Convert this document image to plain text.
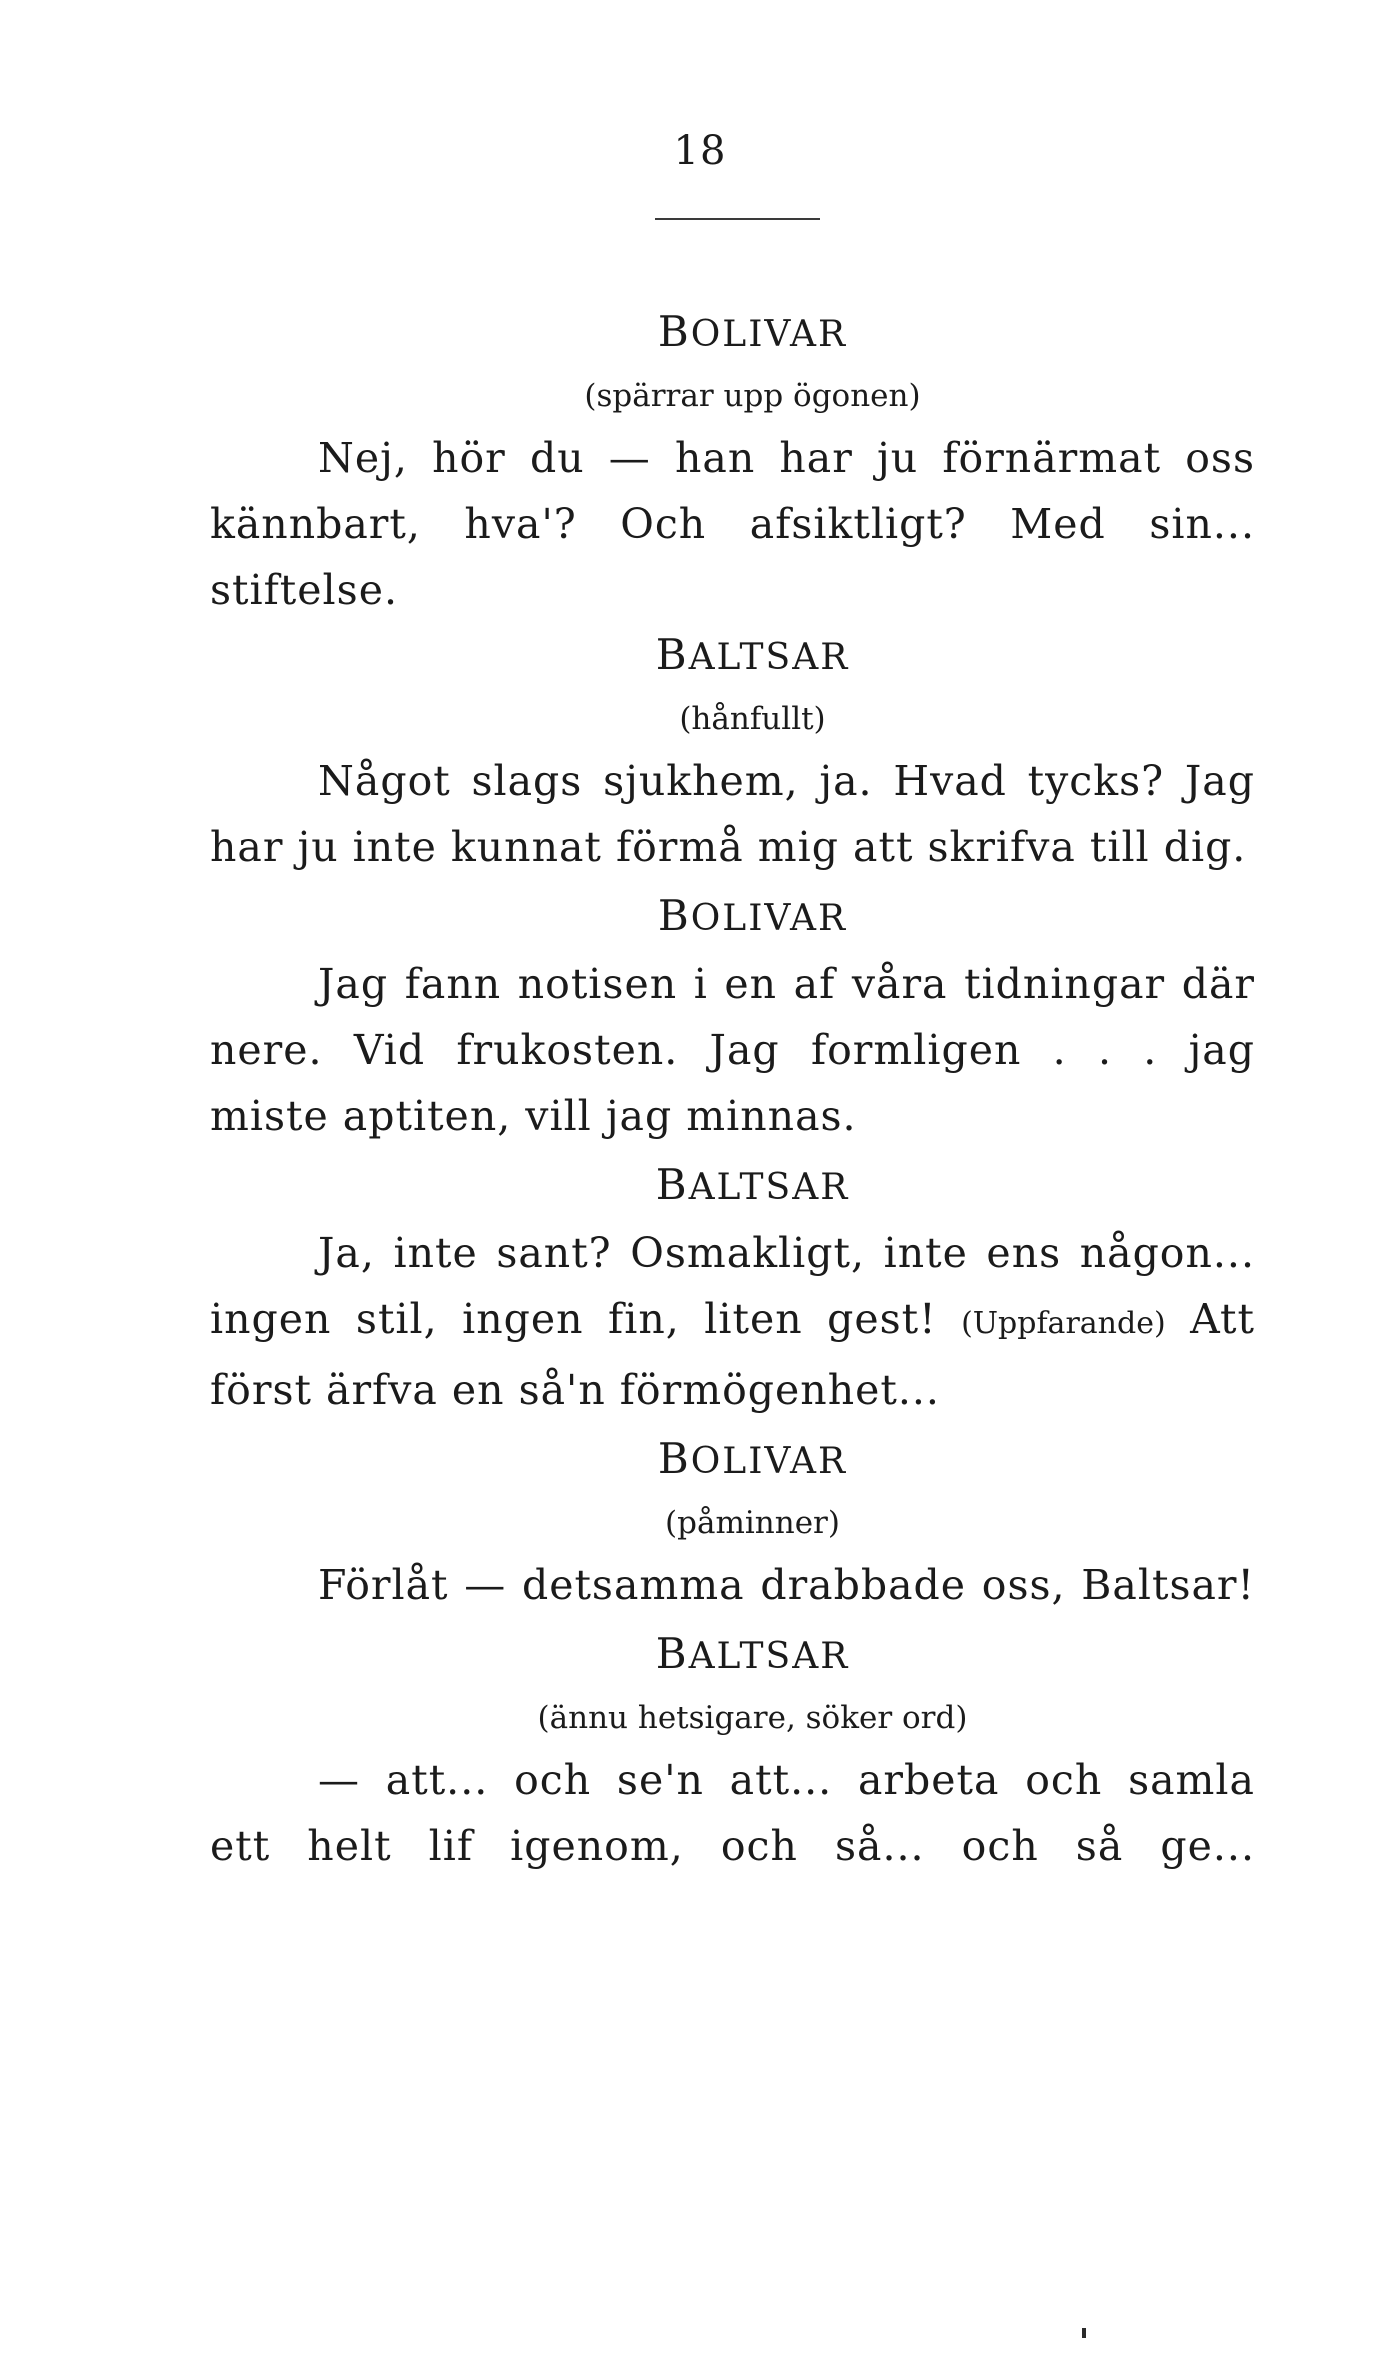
18
BOLIVAR
(spärrar upp ögonen)
Nej, hör du — han har ju förnärmat oss
kännbart, hva'? Och afsiktligt? Med sin...
stiftelse.
BALTSAR
(hånfullt)
Något slags sjukhem, ja. Hvad tycks? Jag
har ju inte kunnat förmå mig att skrifva till dig.
BOLIVAR
Jag fann notisen i en af våra tidningar där
nere. Vid frukosten. Jag formligen . . . jag
miste aptiten, vill jag minnas.
BALTSAR
Ja, inte sant? Osmakligt, inte ens någon...
ingen stil, ingen fin, liten gest! (Uppfarande) Att
först ärfva en så'n förmögenhet...
BOLIVAR
(påminner)
Förlåt — detsamma drabbade oss, Baltsar!
BALTSAR
(ännu hetsigare, söker ord)
— att... och se'n att... arbeta och samla
ett helt lif igenom, och så... och så ge...
